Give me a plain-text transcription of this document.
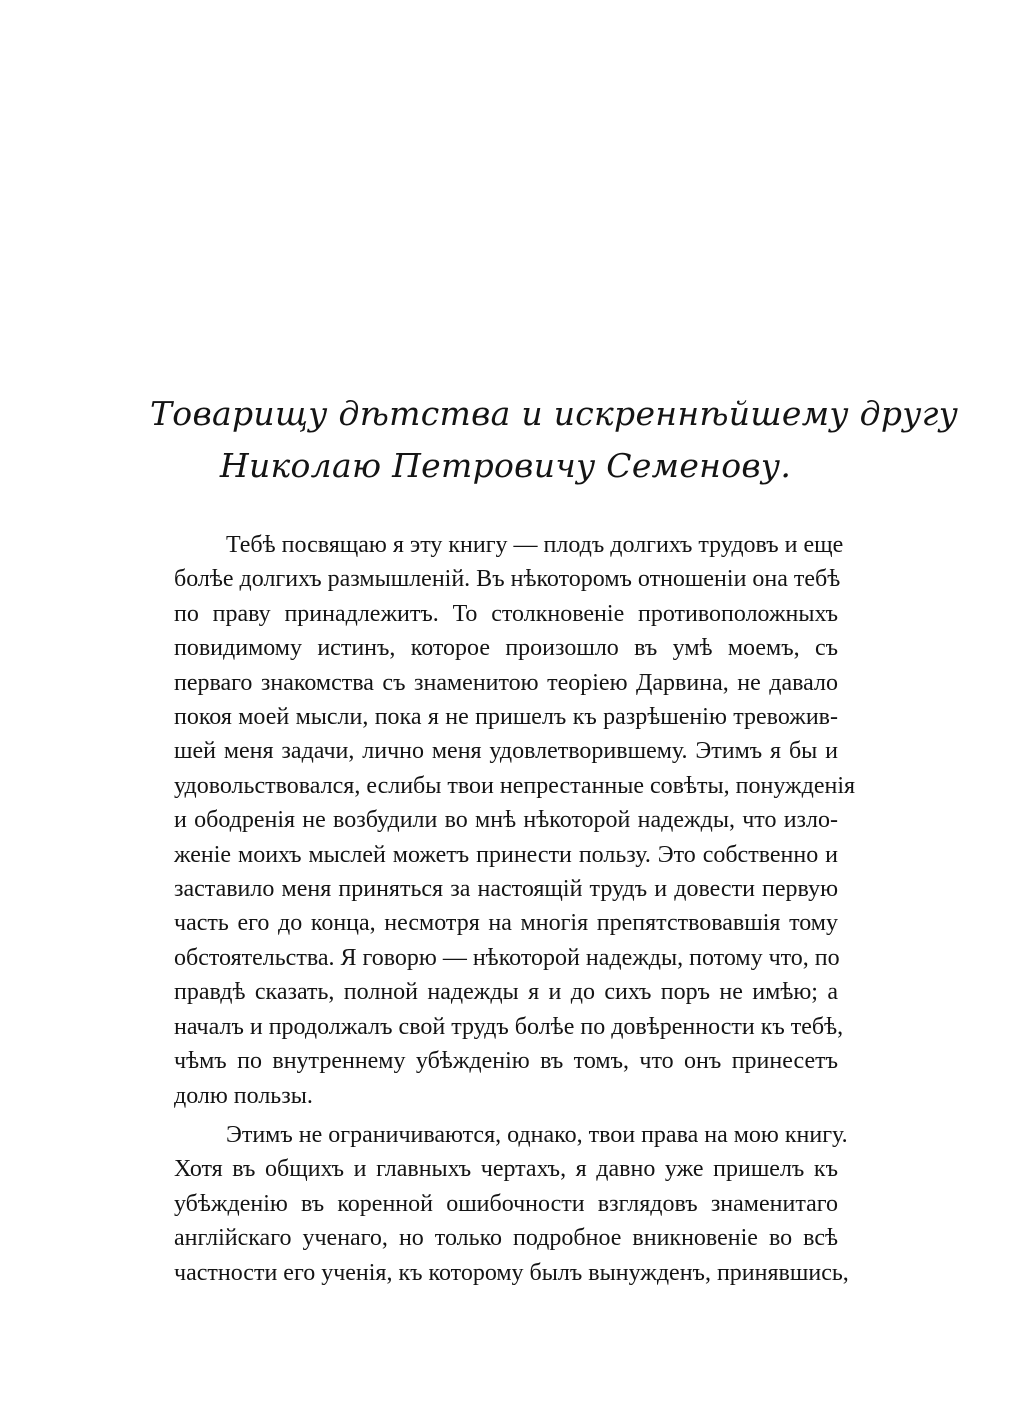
Товарищу дѣтства и искреннѣйшему другу
Николаю Петровичу Семенову.
Тебѣ посвящаю я эту книгу — плодъ долгихъ трудовъ и еще
болѣе долгихъ размышленій. Въ нѣкоторомъ отношеніи она тебѣ
по праву принадлежитъ. То столкновеніе противоположныхъ
повидимому истинъ, которое произошло въ умѣ моемъ, съ
перваго знакомства съ знаменитою теоріею Дарвина, не давало
покоя моей мысли, пока я не пришелъ къ разрѣшенію тревожив-
шей меня задачи, лично меня удовлетворившему. Этимъ я бы и
удовольствовался, еслибы твои непрестанные совѣты, понужденія
и ободренія не возбудили во мнѣ нѣкоторой надежды, что изло-
женіе моихъ мыслей можетъ принести пользу. Это собственно и
заставило меня приняться за настоящій трудъ и довести первую
часть его до конца, несмотря на многія препятствовавшія тому
обстоятельства. Я говорю — нѣкоторой надежды, потому что, по
правдѣ сказать, полной надежды я и до сихъ поръ не имѣю; а
началъ и продолжалъ свой трудъ болѣе по довѣренности къ тебѣ,
чѣмъ по внутреннему убѣжденію въ томъ, что онъ принесетъ
долю пользы.
Этимъ не ограничиваются, однако, твои права на мою книгу.
Хотя въ общихъ и главныхъ чертахъ, я давно уже пришелъ къ
убѣжденію въ коренной ошибочности взглядовъ знаменитаго
англійскаго ученаго, но только подробное вникновеніе во всѣ
частности его ученія, къ которому былъ вынужденъ, принявшись,
